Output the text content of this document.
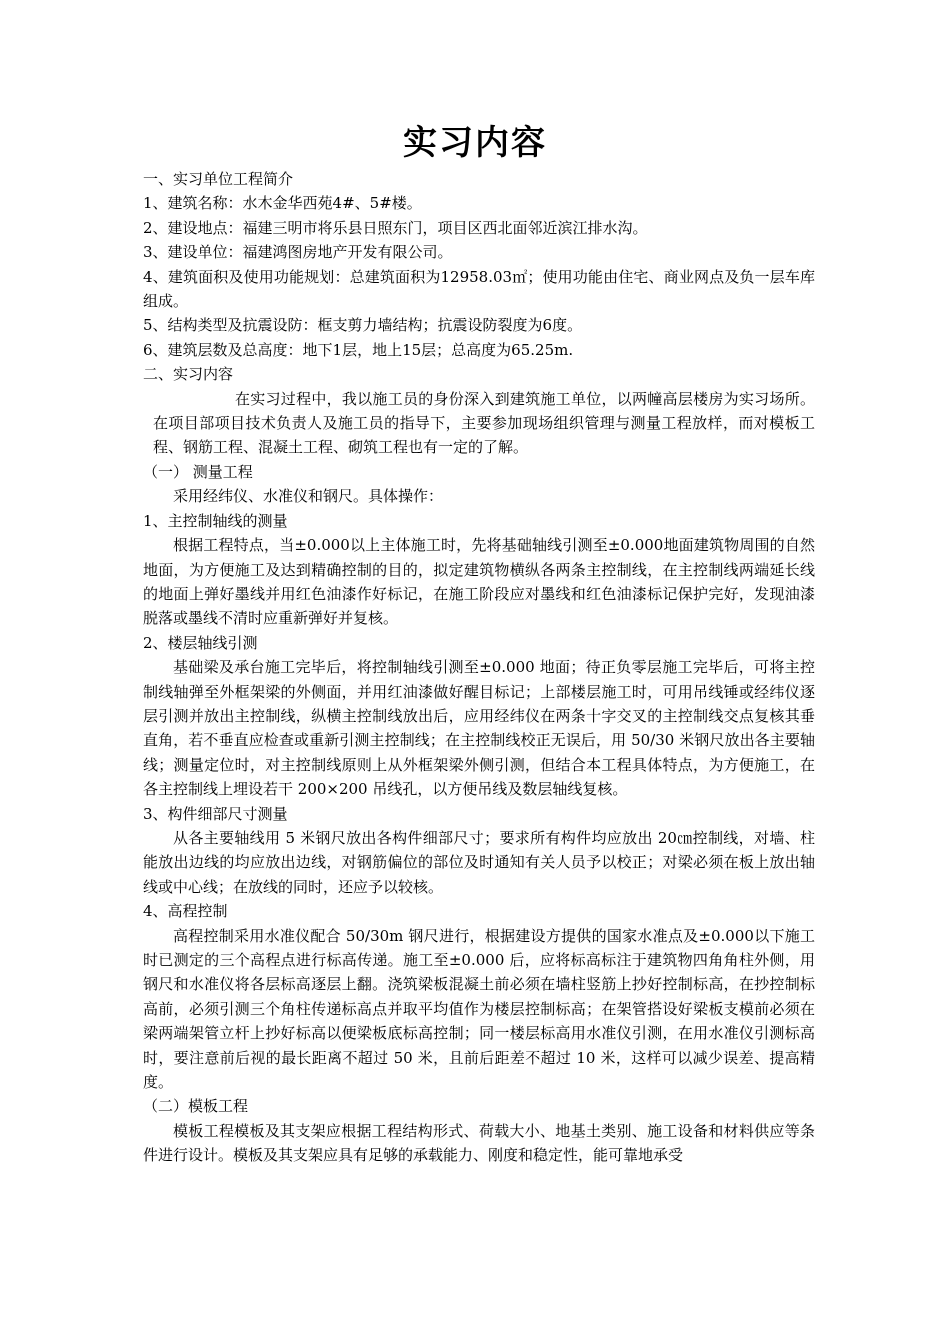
实习内容

一、实习单位工程简介

1、建筑名称：水木金华西苑4#、5#楼。

2、建设地点：福建三明市将乐县日照东门，项目区西北面邻近滨江排水沟。

3、建设单位：福建鸿图房地产开发有限公司。

4、建筑面积及使用功能规划：总建筑面积为12958.03㎡；使用功能由住宅、商业网点及负一层车库组成。

5、结构类型及抗震设防：框支剪力墙结构；抗震设防裂度为6度。

6、建筑层数及总高度：地下1层，地上15层；总高度为65.25m.

二、实习内容

在实习过程中，我以施工员的身份深入到建筑施工单位，以两幢高层楼房为实习场所。在项目部项目技术负责人及施工员的指导下，主要参加现场组织管理与测量工程放样，而对模板工程、钢筋工程、混凝土工程、砌筑工程也有一定的了解。

（一） 测量工程

采用经纬仪、水准仪和钢尺。具体操作：

1、主控制轴线的测量

根据工程特点，当±0.000以上主体施工时，先将基础轴线引测至±0.000地面建筑物周围的自然地面，为方便施工及达到精确控制的目的，拟定建筑物横纵各两条主控制线，在主控制线两端延长线的地面上弹好墨线并用红色油漆作好标记，在施工阶段应对墨线和红色油漆标记保护完好，发现油漆脱落或墨线不清时应重新弹好并复核。

2、楼层轴线引测

基础梁及承台施工完毕后，将控制轴线引测至±0.000 地面；待正负零层施工完毕后，可将主控制线轴弹至外框架梁的外侧面，并用红油漆做好醒目标记；上部楼层施工时，可用吊线锤或经纬仪逐层引测并放出主控制线，纵横主控制线放出后，应用经纬仪在两条十字交叉的主控制线交点复核其垂直角，若不垂直应检查或重新引测主控制线；在主控制线校正无误后，用 50/30 米钢尺放出各主要轴线；测量定位时，对主控制线原则上从外框架梁外侧引测，但结合本工程具体特点，为方便施工，在各主控制线上埋设若干 200×200 吊线孔，以方便吊线及数层轴线复核。

3、构件细部尺寸测量

从各主要轴线用 5 米钢尺放出各构件细部尺寸；要求所有构件均应放出 20㎝控制线，对墙、柱能放出边线的均应放出边线，对钢筋偏位的部位及时通知有关人员予以校正；对梁必须在板上放出轴线或中心线；在放线的同时，还应予以较核。

4、高程控制

高程控制采用水准仪配合 50/30m 钢尺进行，根据建设方提供的国家水准点及±0.000以下施工时已测定的三个高程点进行标高传递。施工至±0.000 后，应将标高标注于建筑物四角角柱外侧，用钢尺和水准仪将各层标高逐层上翻。浇筑梁板混凝土前必须在墙柱竖筋上抄好控制标高，在抄控制标高前，必须引测三个角柱传递标高点并取平均值作为楼层控制标高；在架管搭设好梁板支模前必须在梁两端架管立杆上抄好标高以便梁板底标高控制；同一楼层标高用水准仪引测，在用水准仪引测标高时，要注意前后视的最长距离不超过 50 米，且前后距差不超过 10 米，这样可以减少误差、提高精度。

（二）模板工程

模板工程模板及其支架应根据工程结构形式、荷载大小、地基土类别、施工设备和材料供应等条件进行设计。模板及其支架应具有足够的承载能力、刚度和稳定性，能可靠地承受
